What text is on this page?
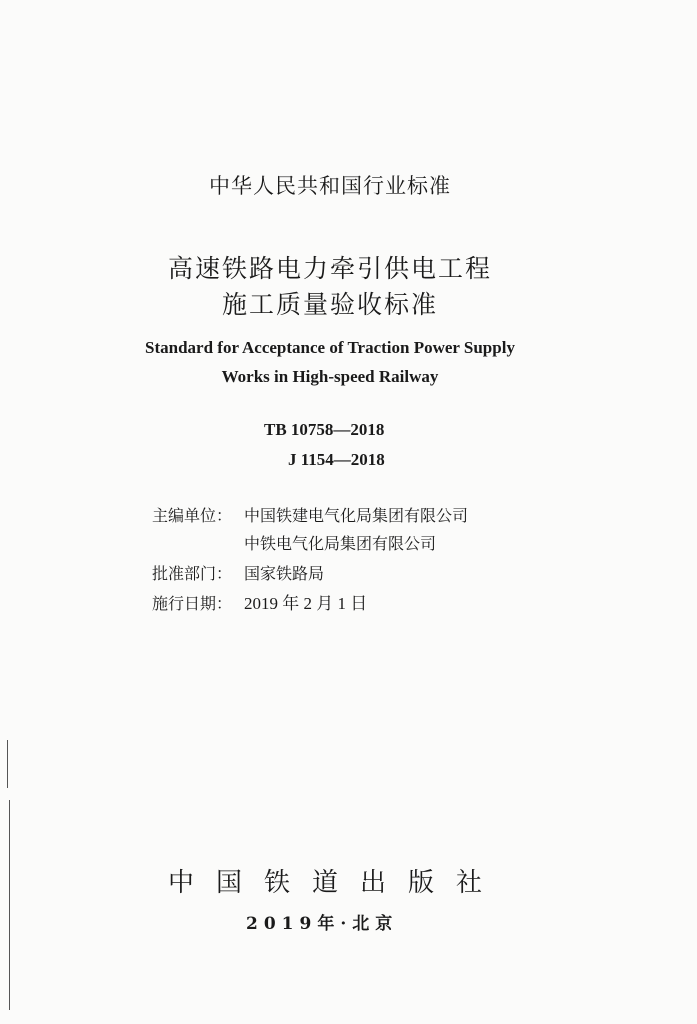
中华人民共和国行业标准
高速铁路电力牵引供电工程
施工质量验收标准
Standard for Acceptance of Traction Power Supply
Works in High-speed Railway
TB 10758—2018
J 1154—2018
主编单位： 中国铁建电气化局集团有限公司
中铁电气化局集团有限公司
批准部门： 国家铁路局
施行日期： 2019 年 2 月 1 日
中国铁道出版社
2019年·北京
